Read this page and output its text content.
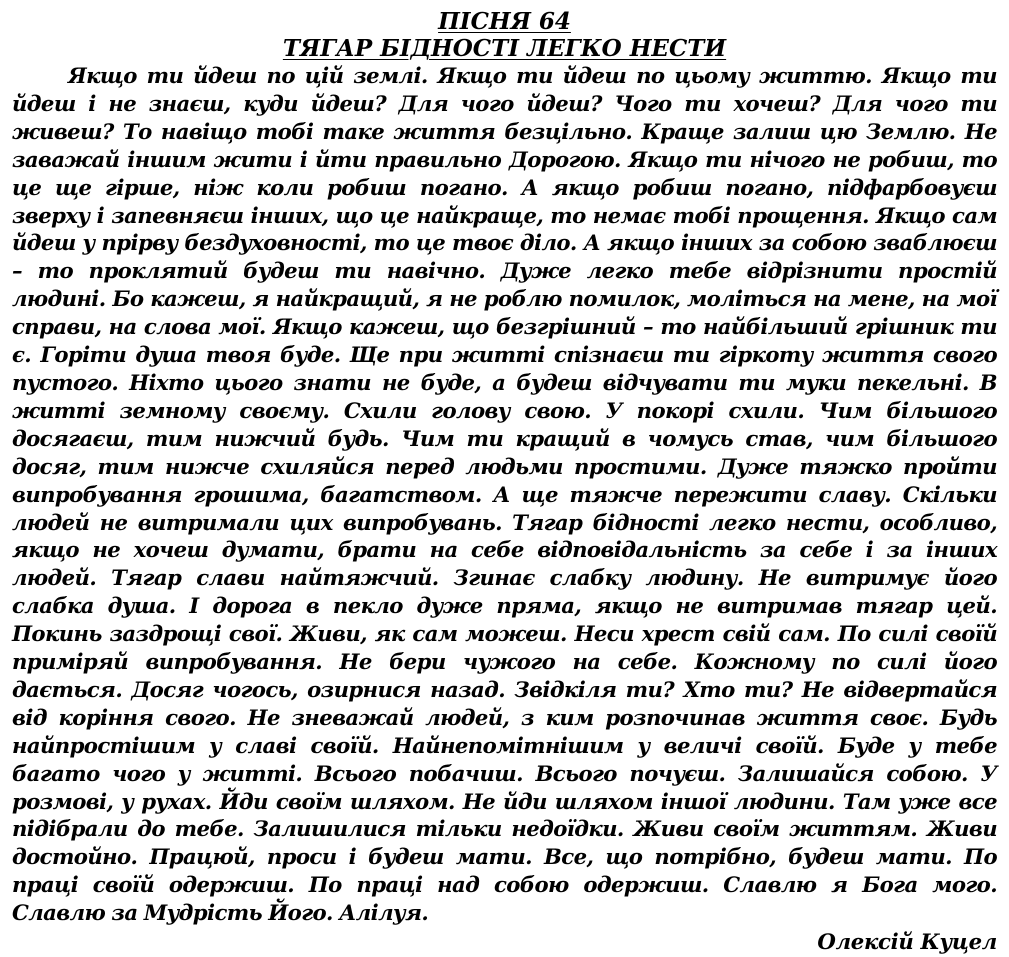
ПІСНЯ 64

ТЯГАР БІДНОСТІ ЛЕГКО НЕСТИ

Якщо ти йдеш по цій землі. Якщо ти йдеш по цьому життю. Якщо ти йдеш і не знаєш, куди йдеш? Для чого йдеш? Чого ти хочеш? Для чого ти живеш? То навіщо тобі таке життя безцільно. Краще залиш цю Землю. Не заважай іншим жити і йти правильно Дорогою. Якщо ти нічого не робиш, то це ще гірше, ніж коли робиш погано. А якщо робиш погано, підфарбовуєш зверху і запевняєш інших, що це найкраще, то немає тобі прощення. Якщо сам йдеш у прірву бездуховності, то це твоє діло. А якщо інших за собою зваблюєш – то проклятий будеш ти навічно. Дуже легко тебе відрізнити простій людині. Бо кажеш, я найкращий, я не роблю помилок, моліться на мене, на мої справи, на слова мої. Якщо кажеш, що безгрішний – то найбільший грішник ти є. Горіти душа твоя буде. Ще при житті спізнаєш ти гіркоту життя свого пустого. Ніхто цього знати не буде, а будеш відчувати ти муки пекельні. В житті земному своєму. Схили голову свою. У покорі схили. Чим більшого досягаєш, тим нижчий будь. Чим ти кращий в чомусь став, чим більшого досяг, тим нижче схиляйся перед людьми простими. Дуже тяжко пройти випробування грошима, багатством. А ще тяжче пережити славу. Скільки людей не витримали цих випробувань. Тягар бідності легко нести, особливо, якщо не хочеш думати, брати на себе відповідальність за себе і за інших людей. Тягар слави найтяжчий. Згинає слабку людину. Не витримує його слабка душа. І дорога в пекло дуже пряма, якщо не витримав тягар цей. Покинь заздрощі свої. Живи, як сам можеш. Неси хрест свій сам. По силі своїй приміряй випробування. Не бери чужого на себе. Кожному по силі його дається. Досяг чогось, озирнися назад. Звідкіля ти? Хто ти? Не відвертайся від коріння свого. Не зневажай людей, з ким розпочинав життя своє. Будь найпростішим у славі своїй. Найнепомітнішим у величі своїй. Буде у тебе багато чого у житті. Всього побачиш. Всього почуєш. Залишайся собою. У розмові, у рухах. Йди своїм шляхом. Не йди шляхом іншої людини. Там уже все підібрали до тебе. Залишилися тільки недоїдки. Живи своїм життям. Живи достойно. Працюй, проси і будеш мати. Все, що потрібно, будеш мати. По праці своїй одержиш. По праці над собою одержиш. Славлю я Бога мого. Славлю за Мудрість Його. Алілуя.

Олексій Куцел
